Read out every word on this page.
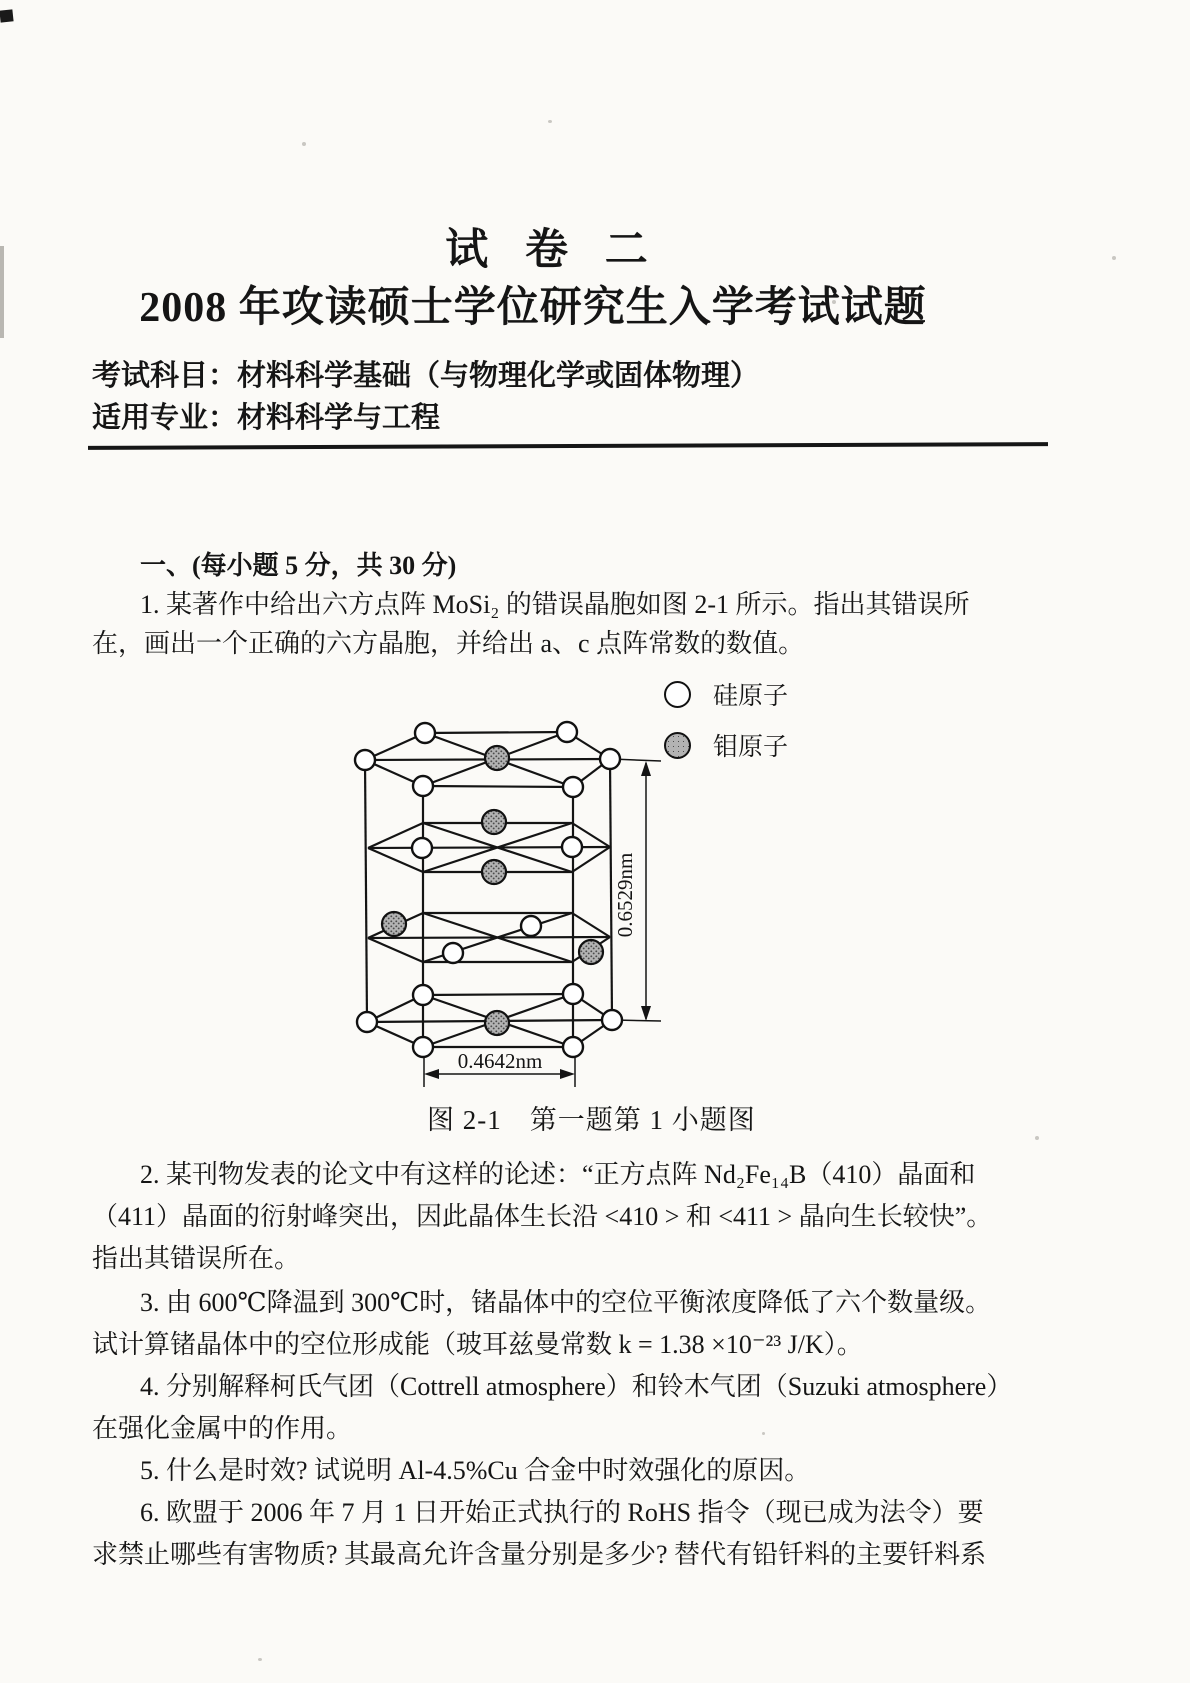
试 卷 二
2008 年攻读硕士学位研究生入学考试试题
考试科目：材料科学基础（与物理化学或固体物理）
适用专业：材料科学与工程
一、(每小题 5 分，共 30 分)
1. 某著作中给出六方点阵 MoSi₂ 的错误晶胞如图 2-1 所示。指出其错误所
在，画出一个正确的六方晶胞，并给出 a、c 点阵常数的数值。
硅原子
钼原子
0.6529nm
0.4642nm
图 2-1　第一题第 1 小题图
2. 某刊物发表的论文中有这样的论述：“正方点阵 Nd₂Fe₁₄B（410）晶面和
（411）晶面的衍射峰突出，因此晶体生长沿 <410 > 和 <411 > 晶向生长较快”。
指出其错误所在。
3. 由 600℃降温到 300℃时，锗晶体中的空位平衡浓度降低了六个数量级。
试计算锗晶体中的空位形成能（玻耳兹曼常数 k = 1.38 ×10⁻²³ J/K）。
4. 分别解释柯氏气团（Cottrell atmosphere）和铃木气团（Suzuki atmosphere）
在强化金属中的作用。
5. 什么是时效? 试说明 Al-4.5%Cu 合金中时效强化的原因。
6. 欧盟于 2006 年 7 月 1 日开始正式执行的 RoHS 指令（现已成为法令）要
求禁止哪些有害物质? 其最高允许含量分别是多少? 替代有铅钎料的主要钎料系
